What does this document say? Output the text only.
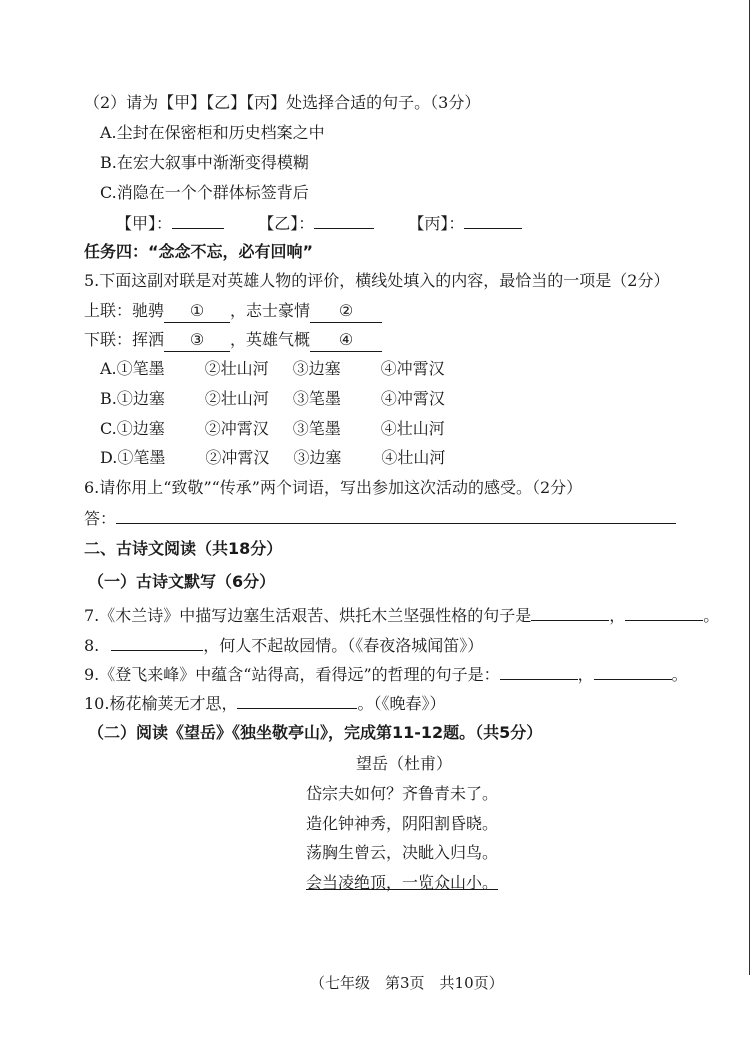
（2）请为【甲】【乙】【丙】处选择合适的句子。（3分）
A.尘封在保密柜和历史档案之中
B.在宏大叙事中渐渐变得模糊
C.消隐在一个个群体标签背后
【甲】：	【乙】：	【丙】：
任务四：“念念不忘，必有回响”
5.下面这副对联是对英雄人物的评价，横线处填入的内容，最恰当的一项是（2分）
上联：驰骋 ① ，志士豪情 ②
下联：挥洒 ③ ，英雄气概 ④
A.①笔墨 ②壮山河 ③边塞 ④冲霄汉
B.①边塞 ②壮山河 ③笔墨 ④冲霄汉
C.①边塞 ②冲霄汉 ③笔墨 ④壮山河
D.①笔墨 ②冲霄汉 ③边塞 ④壮山河
6.请你用上“致敬”“传承”两个词语，写出参加这次活动的感受。（2分）
答：
二、古诗文阅读（共18分）
（一）古诗文默写（6分）
7.《木兰诗》中描写边塞生活艰苦、烘托木兰坚强性格的句子是	，	。
8.	，何人不起故园情。（《春夜洛城闻笛》）
9.《登飞来峰》中蕴含“站得高，看得远”的哲理的句子是：	，	。
10.杨花榆荚无才思，	。（《晚春》）
（二）阅读《望岳》《独坐敬亭山》，完成第11-12题。（共5分）
望岳（杜甫）
岱宗夫如何？齐鲁青未了。
造化钟神秀，阴阳割昏晓。
荡胸生曾云，决眦入归鸟。
会当凌绝顶，一览众山小。
（七年级　第3页　共10页）
